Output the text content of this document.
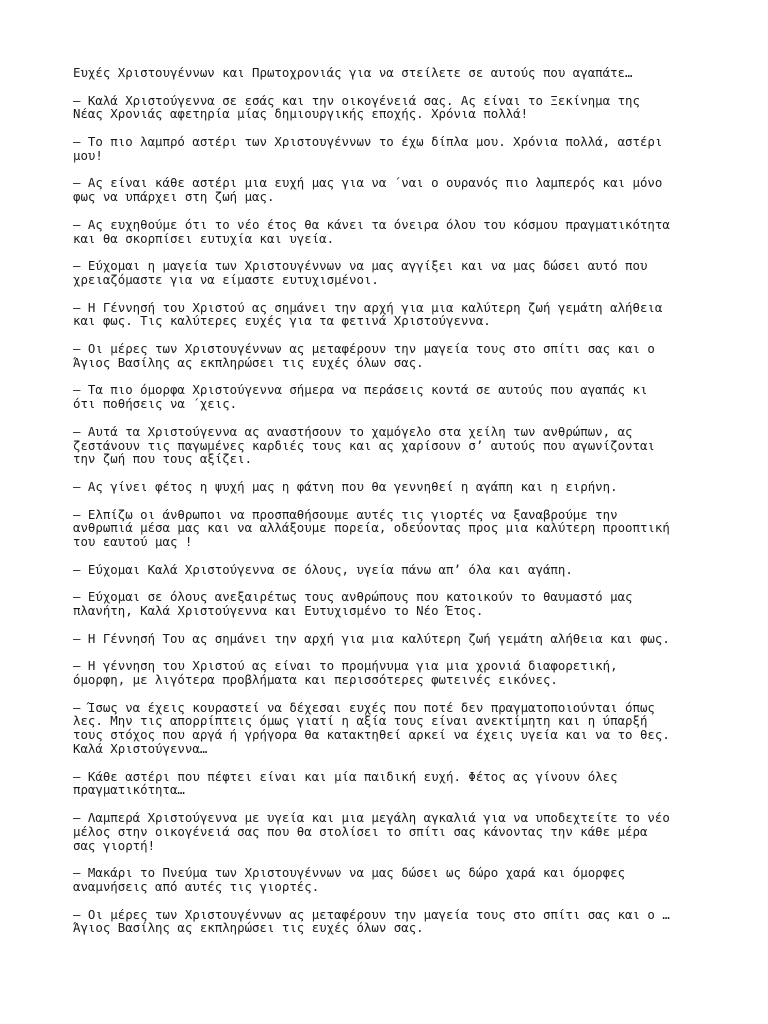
Ευχές Χριστουγέννων και Πρωτοχρονιάς για να στείλετε σε αυτούς που αγαπάτε…

– Καλά Χριστούγεννα σε εσάς και την οικογένειά σας. Ας είναι το Ξεκίνημα της
Νέας Χρονιάς αφετηρία μίας δημιουργικής εποχής. Χρόνια πολλά!

– Το πιο λαμπρό αστέρι των Χριστουγέννων το έχω δίπλα μου. Χρόνια πολλά, αστέρι
μου!

– Ας είναι κάθε αστέρι μια ευχή μας για να ΄ναι ο ουρανός πιο λαμπερός και μόνο
φως να υπάρχει στη ζωή μας.

– Ας ευχηθούμε ότι το νέο έτος θα κάνει τα όνειρα όλου του κόσμου πραγματικότητα
και θα σκορπίσει ευτυχία και υγεία.

– Εύχομαι η μαγεία των Χριστουγέννων να μας αγγίξει και να μας δώσει αυτό που
χρειαζόμαστε για να είμαστε ευτυχισμένοι.

– Η Γέννησή του Χριστού ας σημάνει την αρχή για μια καλύτερη ζωή γεμάτη αλήθεια
και φως. Τις καλύτερες ευχές για τα φετινά Χριστούγεννα.

– Οι μέρες των Χριστουγέννων ας μεταφέρουν την μαγεία τους στο σπίτι σας και ο
Άγιος Βασίλης ας εκπληρώσει τις ευχές όλων σας.

– Τα πιο όμορφα Χριστούγεννα σήμερα να περάσεις κοντά σε αυτούς που αγαπάς κι
ότι ποθήσεις να ΄χεις.

– Αυτά τα Χριστούγεννα ας αναστήσουν το χαμόγελο στα χείλη των ανθρώπων, ας
ζεστάνουν τις παγωμένες καρδιές τους και ας χαρίσουν σ’ αυτούς που αγωνίζονται
την ζωή που τους αξίζει.

– Ας γίνει φέτος η ψυχή μας η φάτνη που θα γεννηθεί η αγάπη και η ειρήνη.

– Ελπίζω οι άνθρωποι να προσπαθήσουμε αυτές τις γιορτές να ξαναβρούμε την
ανθρωπιά μέσα μας και να αλλάξουμε πορεία, οδεύοντας προς μια καλύτερη προοπτική
του εαυτού μας !

– Εύχομαι Καλά Χριστούγεννα σε όλους, υγεία πάνω απ’ όλα και αγάπη.

– Εύχομαι σε όλους ανεξαιρέτως τους ανθρώπους που κατοικούν το θαυμαστό μας
πλανήτη, Καλά Χριστούγεννα και Ευτυχισμένο το Νέο Έτος.

– Η Γέννησή Του ας σημάνει την αρχή για μια καλύτερη ζωή γεμάτη αλήθεια και φως.

– Η γέννηση του Χριστού ας είναι το προμήνυμα για μια χρονιά διαφορετική,
όμορφη, με λιγότερα προβλήματα και περισσότερες φωτεινές εικόνες.

– Ίσως να έχεις κουραστεί να δέχεσαι ευχές που ποτέ δεν πραγματοποιούνται όπως
λες. Μην τις απορρίπτεις όμως γιατί η αξία τους είναι ανεκτίμητη και η ύπαρξή
τους στόχος που αργά ή γρήγορα θα κατακτηθεί αρκεί να έχεις υγεία και να το θες.
Καλά Χριστούγεννα…

– Κάθε αστέρι που πέφτει είναι και μία παιδική ευχή. Φέτος ας γίνουν όλες
πραγματικότητα…

– Λαμπερά Χριστούγεννα με υγεία και μια μεγάλη αγκαλιά για να υποδεχτείτε το νέο
μέλος στην οικογένειά σας που θα στολίσει το σπίτι σας κάνοντας την κάθε μέρα
σας γιορτή!

– Μακάρι το Πνεύμα των Χριστουγέννων να μας δώσει ως δώρο χαρά και όμορφες
αναμνήσεις από αυτές τις γιορτές.

– Οι μέρες των Χριστουγέννων ας μεταφέρουν την μαγεία τους στο σπίτι σας και ο …
Άγιος Βασίλης ας εκπληρώσει τις ευχές όλων σας.
